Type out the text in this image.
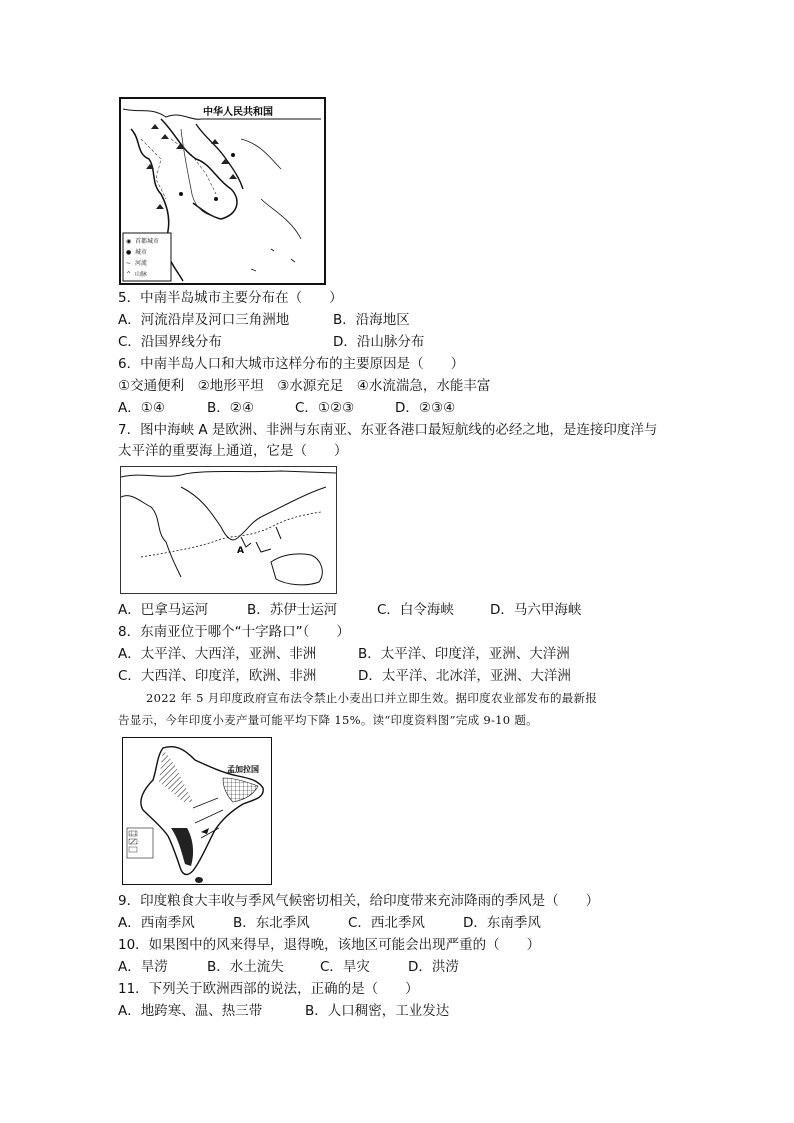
中华人民共和国
◉ 首都城市
● 城市
~ 河流
^ 山脉
5．中南半岛城市主要分布在（　　）
A．河流沿岸及河口三角洲地	B．沿海地区
C．沿国界线分布	D．沿山脉分布
6．中南半岛人口和大城市这样分布的主要原因是（　　）
①交通便利　②地形平坦　③水源充足　④水流湍急，水能丰富
A．①④	B．②④	C．①②③	D．②③④
7．图中海峡 A 是欧洲、非洲与东南亚、东亚各港口最短航线的必经之地，是连接印度洋与
太平洋的重要海上通道，它是（　　）
A
A．巴拿马运河	B．苏伊士运河	C．白令海峡	D．马六甲海峡
8．东南亚位于哪个“十字路口”（　　）
A．太平洋、大西洋，亚洲、非洲	B．太平洋、印度洋，亚洲、大洋洲
C．大西洋、印度洋，欧洲、非洲	D．太平洋、北冰洋，亚洲、大洋洲
2022 年 5 月印度政府宣布法令禁止小麦出口并立即生效。据印度农业部发布的最新报
告显示，今年印度小麦产量可能平均下降 15%。读“印度资料图”完成 9-10 题。
孟加拉国
9．印度粮食大丰收与季风气候密切相关，给印度带来充沛降雨的季风是（　　）
A．西南季风	B．东北季风	C．西北季风	D．东南季风
10．如果图中的风来得早，退得晚，该地区可能会出现严重的（　　）
A．旱涝	B．水土流失	C．旱灾	D．洪涝
11．下列关于欧洲西部的说法，正确的是（　　）
A．地跨寒、温、热三带	B．人口稠密，工业发达
